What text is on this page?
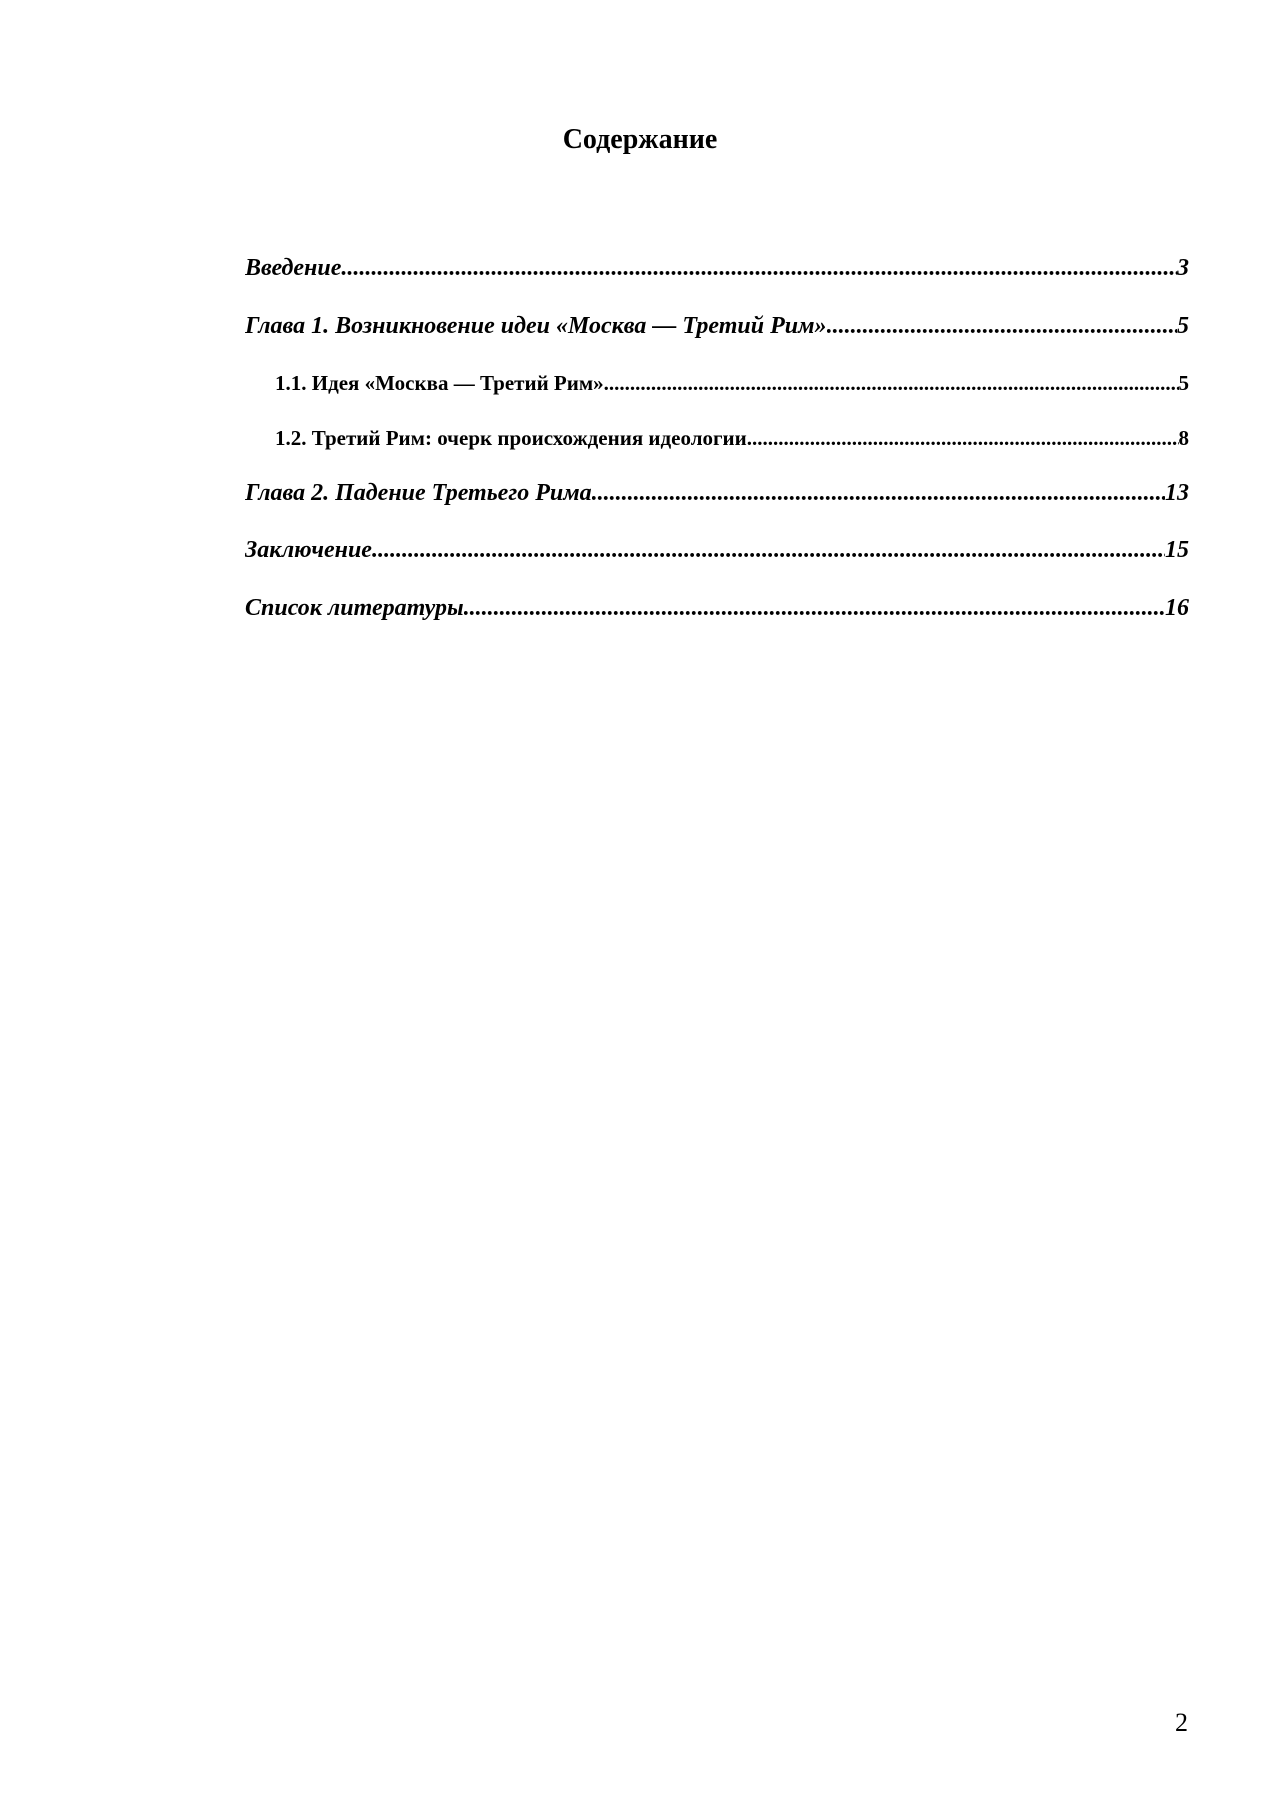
Содержание
Введение .....	3
Глава 1. Возникновение идеи «Москва — Третий Рим» .....	5
1.1. Идея «Москва — Третий Рим» .....	5
1.2. Третий Рим: очерк происхождения идеологии .....	8
Глава 2. Падение Третьего Рима .....	13
Заключение .....	15
Список литературы .....	16
2
